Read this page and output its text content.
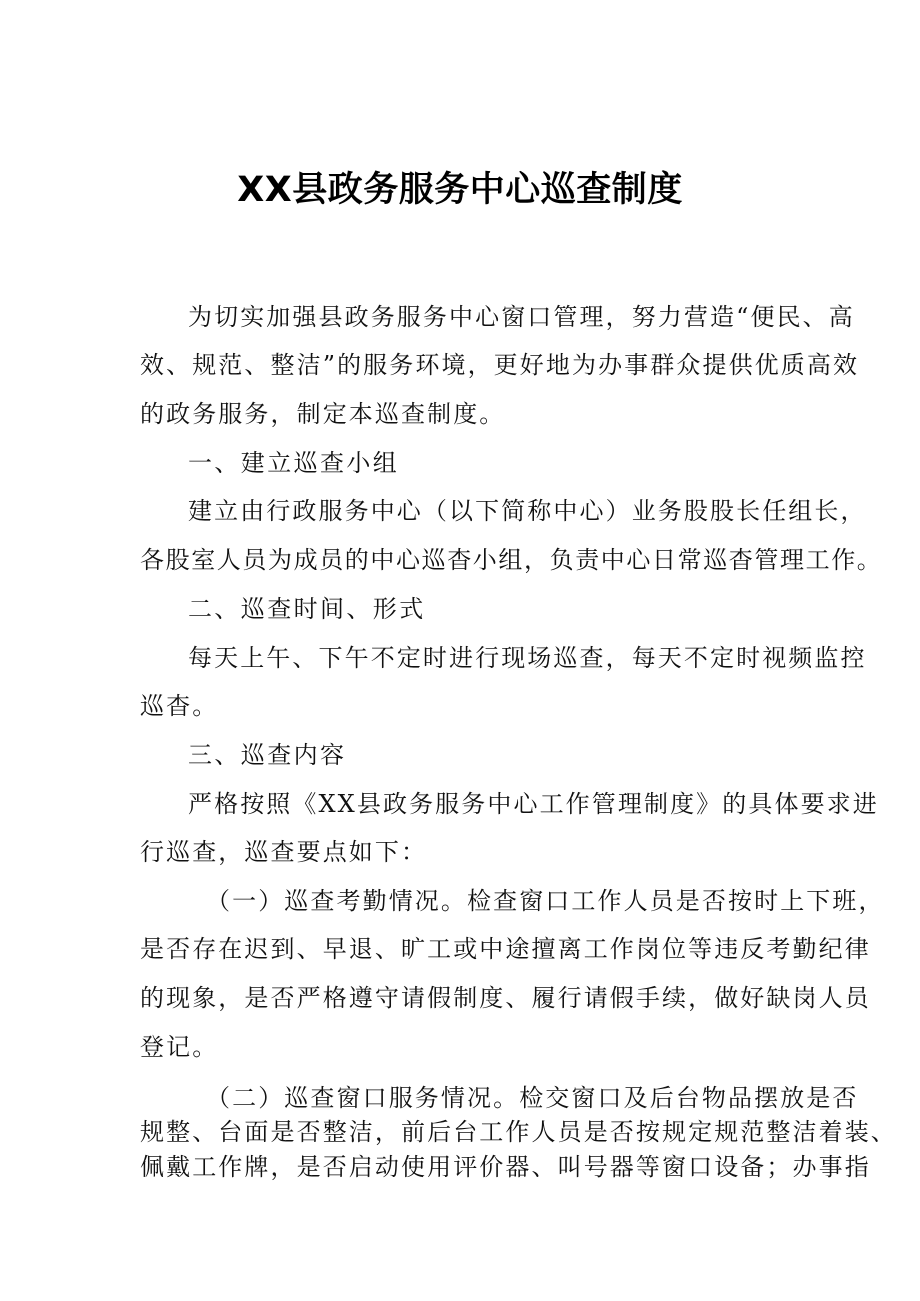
XX县政务服务中心巡查制度
为切实加强县政务服务中心窗口管理，努力营造“便民、高
效、规范、整洁”的服务环境，更好地为办事群众提供优质高效
的政务服务，制定本巡查制度。
一、建立巡查小组
建立由行政服务中心（以下简称中心）业务股股长任组长，
各股室人员为成员的中心巡杳小组，负责中心日常巡杳管理工作。
二、巡查时间、形式
每天上午、下午不定时进行现场巡查，每天不定时视频监控
巡杳。
三、巡查内容
严格按照《XX县政务服务中心工作管理制度》的具体要求进
行巡查，巡查要点如下：
（一）巡查考勤情况。检查窗口工作人员是否按时上下班，
是否存在迟到、早退、旷工或中途擅离工作岗位等违反考勤纪律
的现象，是否严格遵守请假制度、履行请假手续，做好缺岗人员
登记。
（二）巡查窗口服务情况。检交窗口及后台物品摆放是否
规整、台面是否整洁，前后台工作人员是否按规定规范整洁着装、
佩戴工作牌，是否启动使用评价器、叫号器等窗口设备；办事指
